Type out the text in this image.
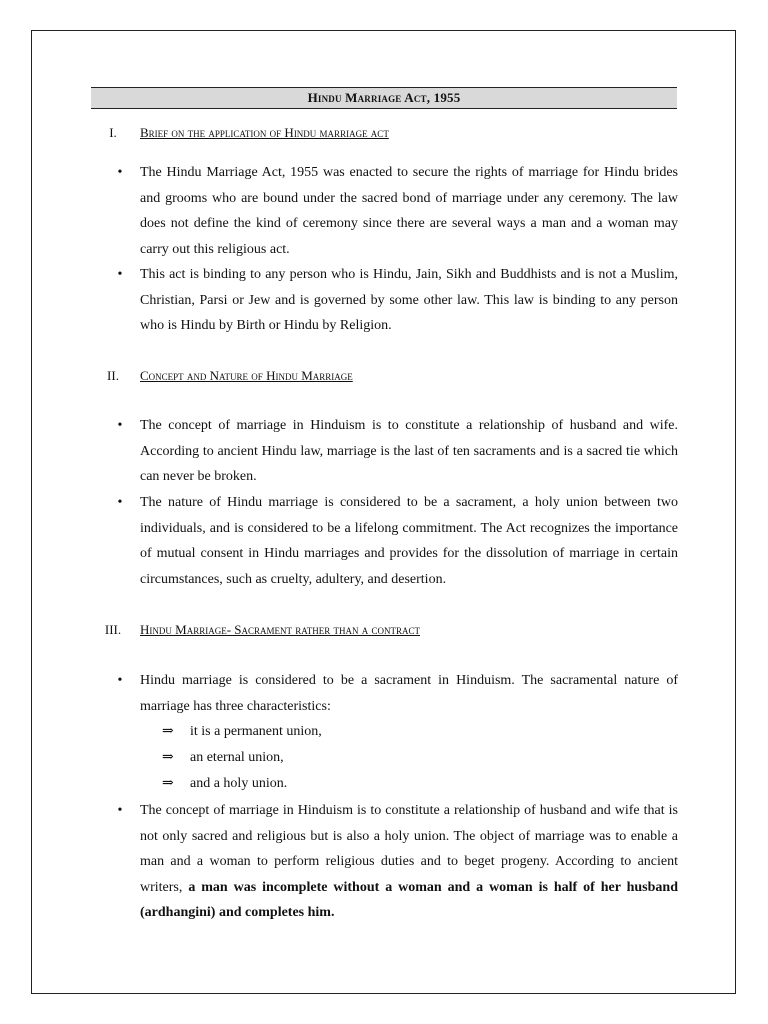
Hindu Marriage Act, 1955
I.	Brief on the application of Hindu marriage act
•	The Hindu Marriage Act, 1955 was enacted to secure the rights of marriage for Hindu brides and grooms who are bound under the sacred bond of marriage under any ceremony. The law does not define the kind of ceremony since there are several ways a man and a woman may carry out this religious act.
•	This act is binding to any person who is Hindu, Jain, Sikh and Buddhists and is not a Muslim, Christian, Parsi or Jew and is governed by some other law. This law is binding to any person who is Hindu by Birth or Hindu by Religion.
II.	Concept and Nature of Hindu Marriage
•	The concept of marriage in Hinduism is to constitute a relationship of husband and wife. According to ancient Hindu law, marriage is the last of ten sacraments and is a sacred tie which can never be broken.
•	The nature of Hindu marriage is considered to be a sacrament, a holy union between two individuals, and is considered to be a lifelong commitment. The Act recognizes the importance of mutual consent in Hindu marriages and provides for the dissolution of marriage in certain circumstances, such as cruelty, adultery, and desertion.
III.	Hindu Marriage- Sacrament rather than a contract
•	Hindu marriage is considered to be a sacrament in Hinduism. The sacramental nature of marriage has three characteristics:
⇒ it is a permanent union,
⇒ an eternal union,
⇒ and a holy union.
•	The concept of marriage in Hinduism is to constitute a relationship of husband and wife that is not only sacred and religious but is also a holy union. The object of marriage was to enable a man and a woman to perform religious duties and to beget progeny. According to ancient writers, a man was incomplete without a woman and a woman is half of her husband (ardhangini) and completes him.
